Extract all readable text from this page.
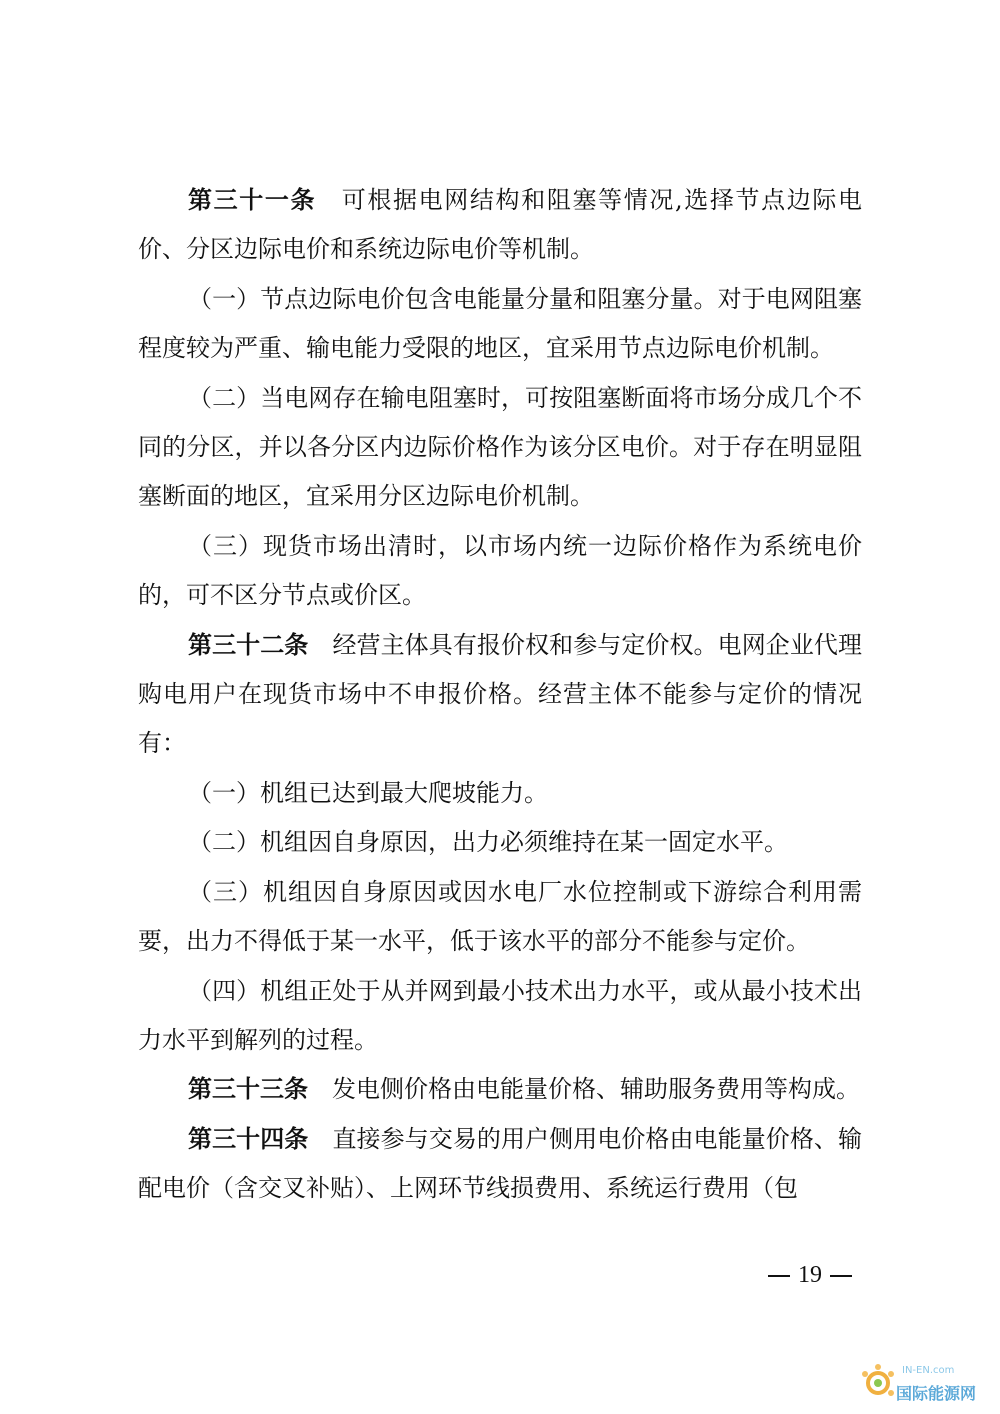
第三十一条　可根据电网结构和阻塞等情况,选择节点边际电价、分区边际电价和系统边际电价等机制。

（一）节点边际电价包含电能量分量和阻塞分量。对于电网阻塞程度较为严重、输电能力受限的地区，宜采用节点边际电价机制。

（二）当电网存在输电阻塞时，可按阻塞断面将市场分成几个不同的分区，并以各分区内边际价格作为该分区电价。对于存在明显阻塞断面的地区，宜采用分区边际电价机制。

（三）现货市场出清时，以市场内统一边际价格作为系统电价的，可不区分节点或价区。

第三十二条　经营主体具有报价权和参与定价权。电网企业代理购电用户在现货市场中不申报价格。经营主体不能参与定价的情况有：

（一）机组已达到最大爬坡能力。

（二）机组因自身原因，出力必须维持在某一固定水平。

（三）机组因自身原因或因水电厂水位控制或下游综合利用需要，出力不得低于某一水平，低于该水平的部分不能参与定价。

（四）机组正处于从并网到最小技术出力水平，或从最小技术出力水平到解列的过程。

第三十三条　发电侧价格由电能量价格、辅助服务费用等构成。

第三十四条　直接参与交易的用户侧用电价格由电能量价格、输配电价（含交叉补贴）、上网环节线损费用、系统运行费用（包

19
IN-EN.com
国际能源网
